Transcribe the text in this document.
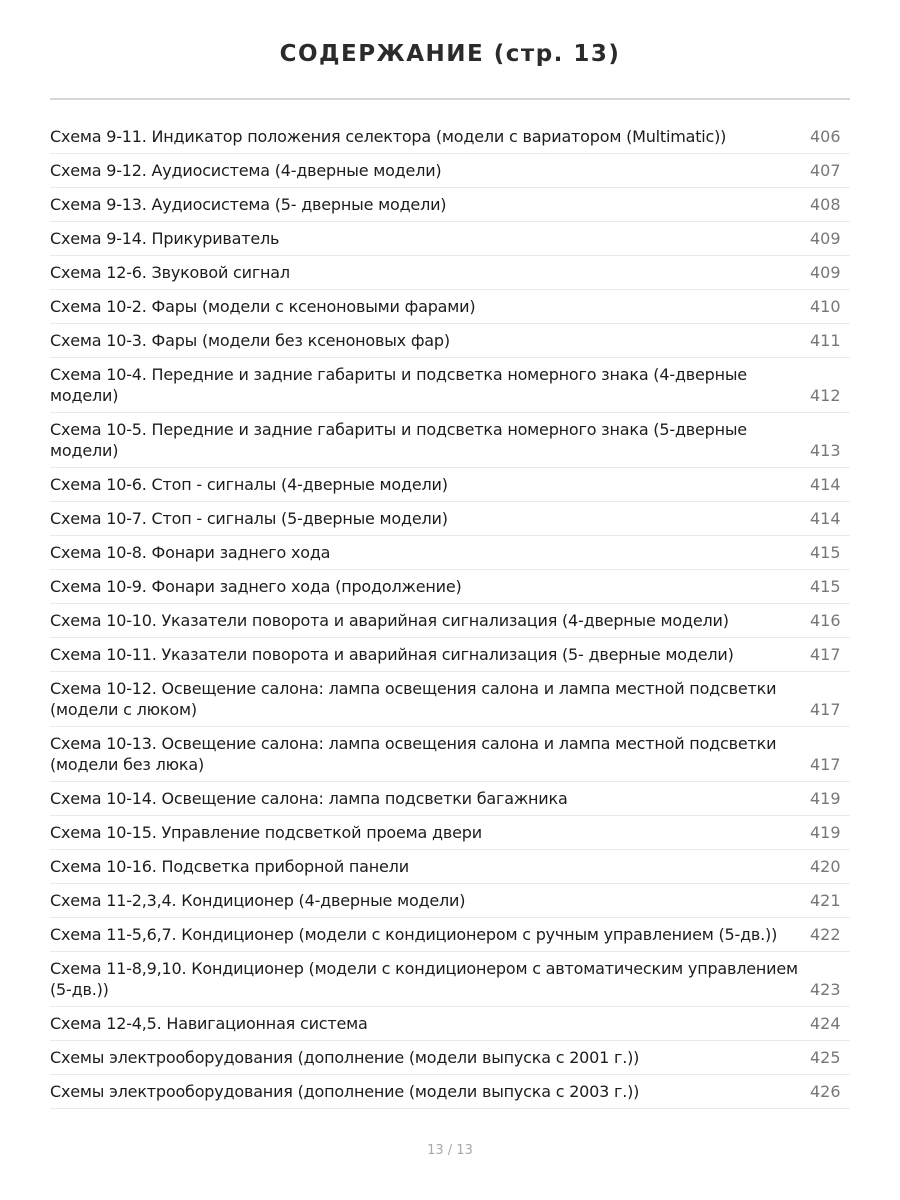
СОДЕРЖАНИЕ (стр. 13)
Схема 9-11. Индикатор положения селектора (модели с вариатором (Multimatic))	406
Схема 9-12. Аудиосистема (4-дверные модели)	407
Схема 9-13. Аудиосистема (5- дверные модели)	408
Схема 9-14. Прикуриватель	409
Схема 12-6. Звуковой сигнал	409
Схема 10-2. Фары (модели с ксеноновыми фарами)	410
Схема 10-3. Фары (модели без ксеноновых фар)	411
Схема 10-4. Передние и задние габариты и подсветка номерного знака (4-дверные модели)	412
Схема 10-5. Передние и задние габариты и подсветка номерного знака (5-дверные модели)	413
Схема 10-6. Стоп - сигналы (4-дверные модели)	414
Схема 10-7. Стоп - сигналы (5-дверные модели)	414
Схема 10-8. Фонари заднего хода	415
Схема 10-9. Фонари заднего хода (продолжение)	415
Схема 10-10. Указатели поворота и аварийная сигнализация (4-дверные модели)	416
Схема 10-11. Указатели поворота и аварийная сигнализация (5- дверные модели)	417
Схема 10-12. Освещение салона: лампа освещения салона и лампа местной подсветки (модели с люком)	417
Схема 10-13. Освещение салона: лампа освещения салона и лампа местной подсветки (модели без люка)	417
Схема 10-14. Освещение салона: лампа подсветки багажника	419
Схема 10-15. Управление подсветкой проема двери	419
Схема 10-16. Подсветка приборной панели	420
Схема 11-2,3,4. Кондиционер (4-дверные модели)	421
Схема 11-5,6,7. Кондиционер (модели с кондиционером с ручным управлением (5-дв.))	422
Схема 11-8,9,10. Кондиционер (модели с кондиционером с автоматическим управлением (5-дв.))	423
Схема 12-4,5. Навигационная система	424
Схемы электрооборудования (дополнение (модели выпуска с 2001 г.))	425
Схемы электрооборудования (дополнение (модели выпуска с 2003 г.))	426
13 / 13
